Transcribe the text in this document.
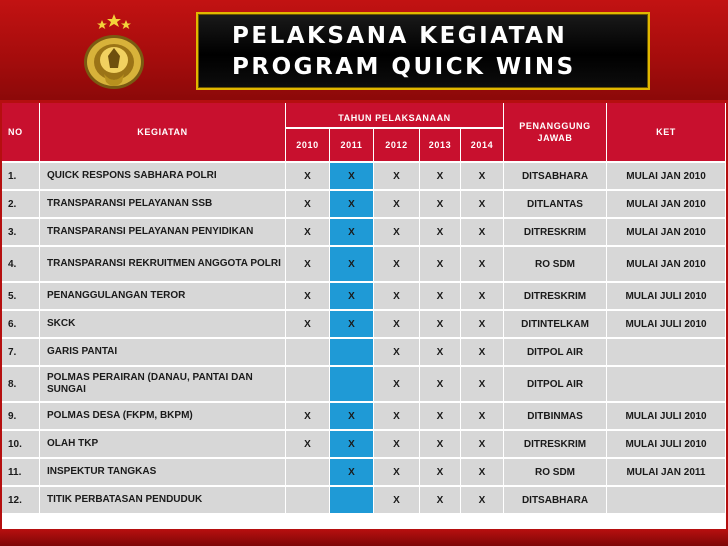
PELAKSANA KEGIATAN
PROGRAM QUICK WINS
NO	KEGIATAN	TAHUN PELAKSANAAN					PENANGGUNG JAWAB	KET
		2010	2011	2012	2013	2014		
1.	QUICK RESPONS SABHARA POLRI	X	X	X	X	X	DITSABHARA	MULAI JAN 2010
2.	TRANSPARANSI PELAYANAN SSB	X	X	X	X	X	DITLANTAS	MULAI JAN 2010
3.	TRANSPARANSI PELAYANAN PENYIDIKAN	X	X	X	X	X	DITRESKRIM	MULAI JAN 2010
4.	TRANSPARANSI REKRUITMEN ANGGOTA POLRI	X	X	X	X	X	RO SDM	MULAI JAN 2010
5.	PENANGGULANGAN TEROR	X	X	X	X	X	DITRESKRIM	MULAI JULI 2010
6.	SKCK	X	X	X	X	X	DITINTELKAM	MULAI JULI 2010
7.	GARIS PANTAI			X	X	X	DITPOL AIR	
8.	POLMAS PERAIRAN (DANAU, PANTAI DAN SUNGAI			X	X	X	DITPOL AIR	
9.	POLMAS DESA (FKPM, BKPM)	X	X	X	X	X	DITBINMAS	MULAI JULI 2010
10.	OLAH TKP	X	X	X	X	X	DITRESKRIM	MULAI JULI 2010
11.	INSPEKTUR TANGKAS		X	X	X	X	RO SDM	MULAI JAN 2011
12.	TITIK PERBATASAN PENDUDUK			X	X	X	DITSABHARA	
